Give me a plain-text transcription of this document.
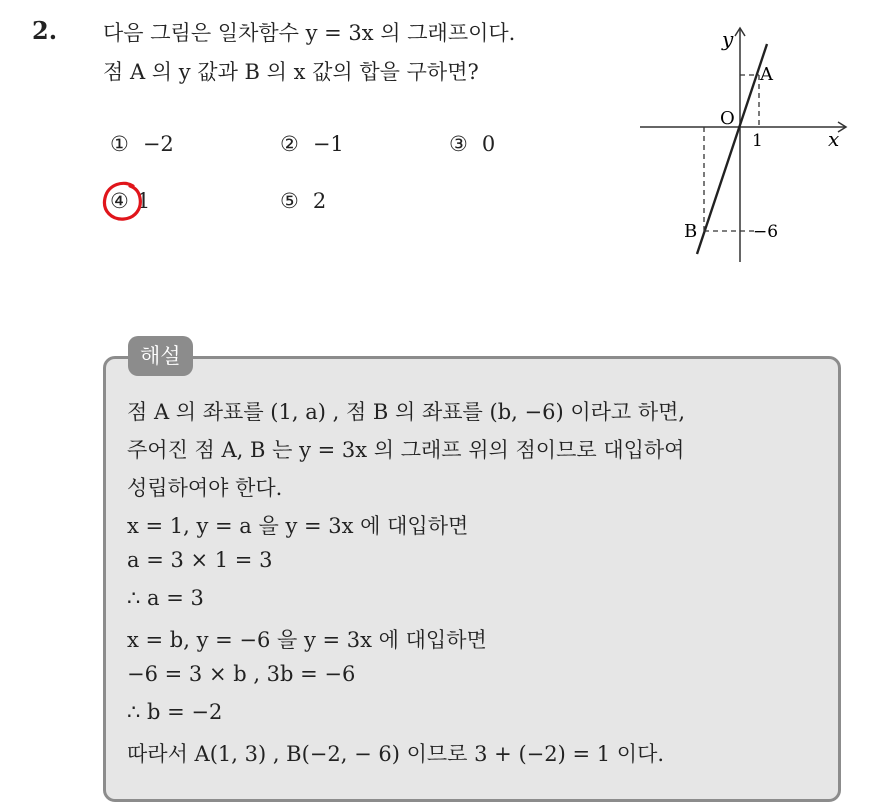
2. 다음 그림은 일차함수 y = 3x 의 그래프이다.
점 A 의 y 값과 B 의 x 값의 합을 구하면?
① −2	② −1	③ 0
④ 1	⑤ 2
y
x
O
A
B
1
−6
해설
점 A 의 좌표를 (1, a) , 점 B 의 좌표를 (b, −6) 이라고 하면,
주어진 점 A, B 는 y = 3x 의 그래프 위의 점이므로 대입하여
성립하여야 한다.
x = 1, y = a 을 y = 3x 에 대입하면
a = 3 × 1 = 3
∴ a = 3
x = b, y = −6 을 y = 3x 에 대입하면
−6 = 3 × b , 3b = −6
∴ b = −2
따라서 A(1, 3) , B(−2, − 6) 이므로 3 + (−2) = 1 이다.
